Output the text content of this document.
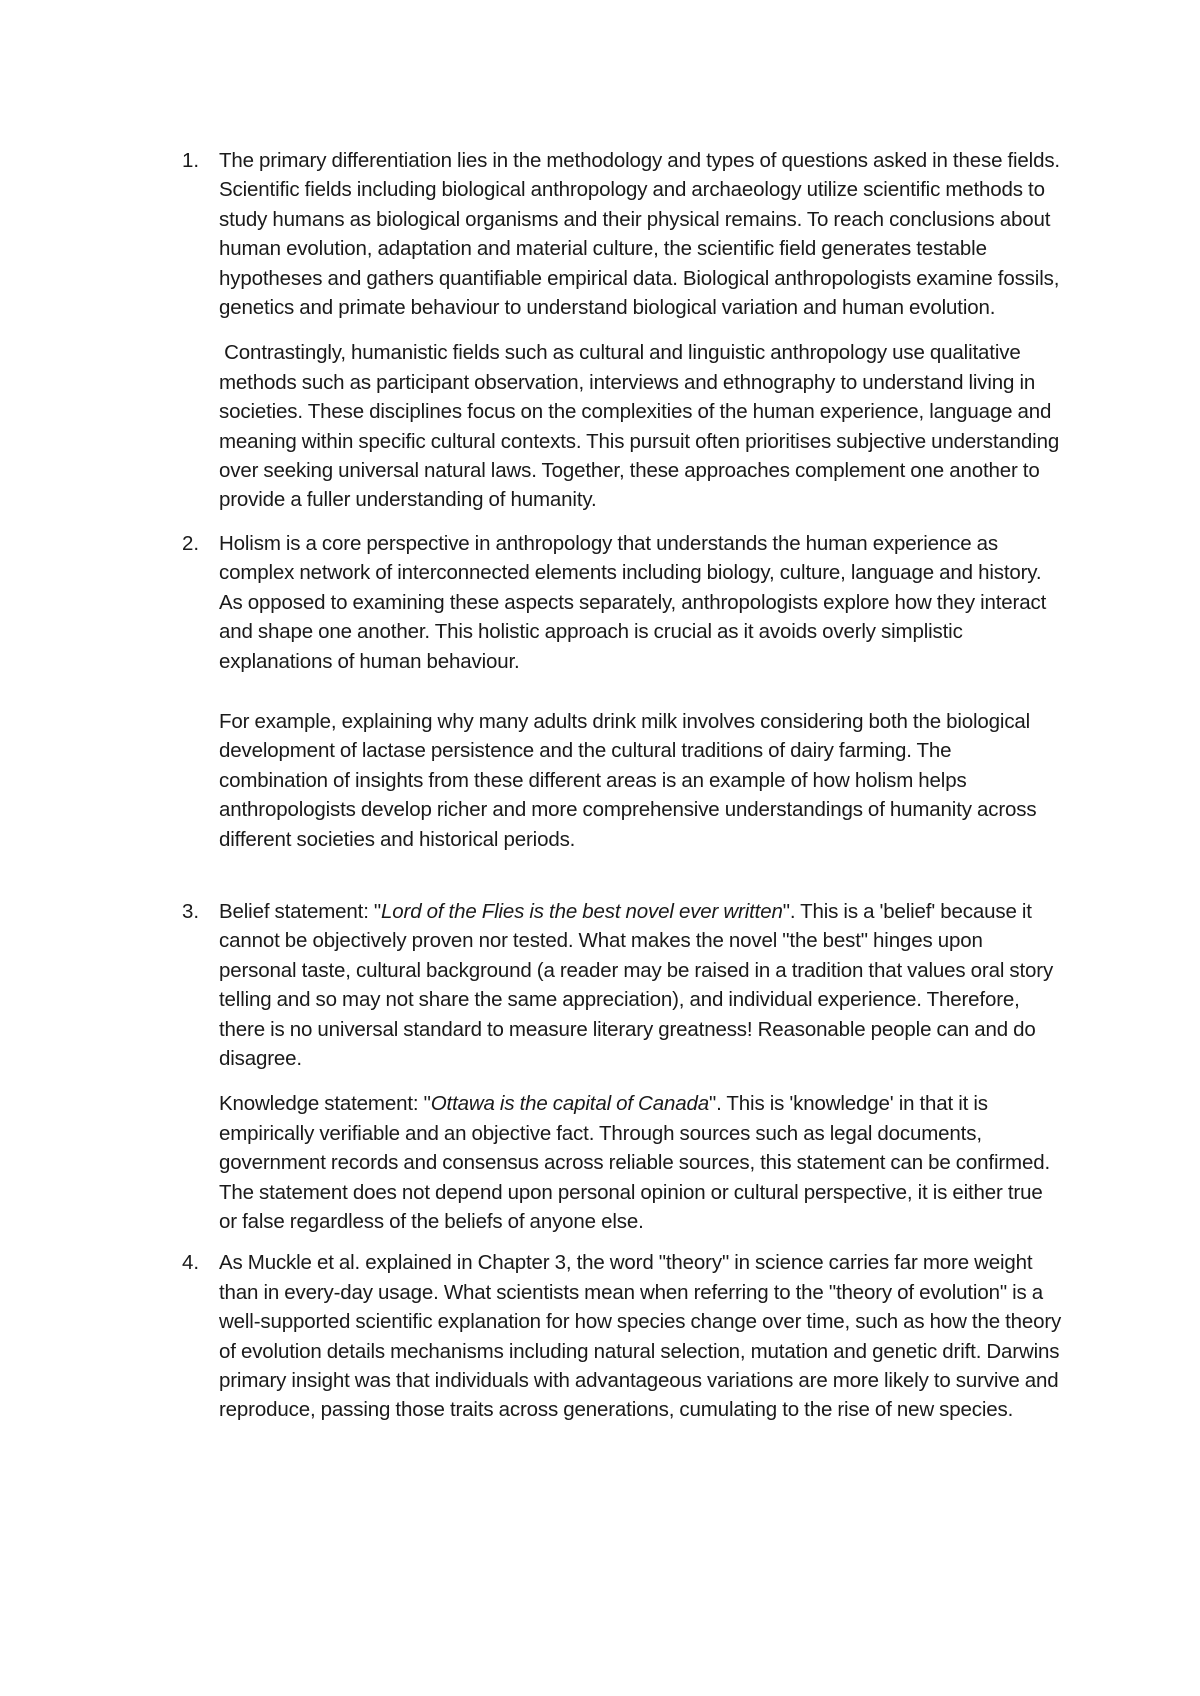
1. The primary differentiation lies in the methodology and types of questions asked in these fields. Scientific fields including biological anthropology and archaeology utilize scientific methods to study humans as biological organisms and their physical remains. To reach conclusions about human evolution, adaptation and material culture, the scientific field generates testable hypotheses and gathers quantifiable empirical data. Biological anthropologists examine fossils, genetics and primate behaviour to understand biological variation and human evolution.

Contrastingly, humanistic fields such as cultural and linguistic anthropology use qualitative methods such as participant observation, interviews and ethnography to understand living in societies. These disciplines focus on the complexities of the human experience, language and meaning within specific cultural contexts. This pursuit often prioritises subjective understanding over seeking universal natural laws. Together, these approaches complement one another to provide a fuller understanding of humanity.

2. Holism is a core perspective in anthropology that understands the human experience as complex network of interconnected elements including biology, culture, language and history. As opposed to examining these aspects separately, anthropologists explore how they interact and shape one another. This holistic approach is crucial as it avoids overly simplistic explanations of human behaviour.

For example, explaining why many adults drink milk involves considering both the biological development of lactase persistence and the cultural traditions of dairy farming. The combination of insights from these different areas is an example of how holism helps anthropologists develop richer and more comprehensive understandings of humanity across different societies and historical periods.

3. Belief statement: "Lord of the Flies is the best novel ever written". This is a 'belief' because it cannot be objectively proven nor tested. What makes the novel "the best" hinges upon personal taste, cultural background (a reader may be raised in a tradition that values oral story telling and so may not share the same appreciation), and individual experience. Therefore, there is no universal standard to measure literary greatness! Reasonable people can and do disagree.

Knowledge statement: "Ottawa is the capital of Canada". This is 'knowledge' in that it is empirically verifiable and an objective fact. Through sources such as legal documents, government records and consensus across reliable sources, this statement can be confirmed. The statement does not depend upon personal opinion or cultural perspective, it is either true or false regardless of the beliefs of anyone else.

4. As Muckle et al. explained in Chapter 3, the word "theory" in science carries far more weight than in every-day usage. What scientists mean when referring to the "theory of evolution" is a well-supported scientific explanation for how species change over time, such as how the theory of evolution details mechanisms including natural selection, mutation and genetic drift. Darwins primary insight was that individuals with advantageous variations are more likely to survive and reproduce, passing those traits across generations, cumulating to the rise of new species.
